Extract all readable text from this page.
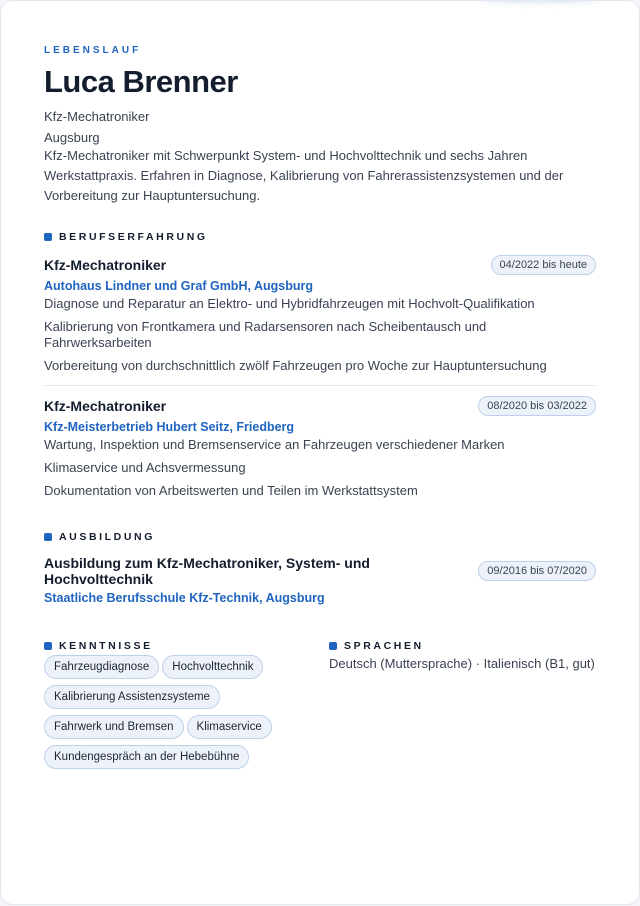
LEBENSLAUF

Luca Brenner
Kfz-Mechatroniker
Augsburg
Kfz-Mechatroniker mit Schwerpunkt System- und Hochvolttechnik und sechs Jahren Werkstattpraxis. Erfahren in Diagnose, Kalibrierung von Fahrerassistenzsystemen und der Vorbereitung zur Hauptuntersuchung.
BERUFSERFAHRUNG
Kfz-Mechatroniker	04/2022 bis heute
Autohaus Lindner und Graf GmbH, Augsburg
Diagnose und Reparatur an Elektro- und Hybridfahrzeugen mit Hochvolt-Qualifikation
Kalibrierung von Frontkamera und Radarsensoren nach Scheibentausch und Fahrwerksarbeiten
Vorbereitung von durchschnittlich zwölf Fahrzeugen pro Woche zur Hauptuntersuchung
Kfz-Mechatroniker	08/2020 bis 03/2022
Kfz-Meisterbetrieb Hubert Seitz, Friedberg
Wartung, Inspektion und Bremsenservice an Fahrzeugen verschiedener Marken
Klimaservice und Achsvermessung
Dokumentation von Arbeitswerten und Teilen im Werkstattsystem
AUSBILDUNG
Ausbildung zum Kfz-Mechatroniker, System- und Hochvolttechnik	09/2016 bis 07/2020
Staatliche Berufsschule Kfz-Technik, Augsburg
KENNTNISSE
Fahrzeugdiagnose Hochvolttechnik
Kalibrierung Assistenzsysteme
Fahrwerk und Bremsen Klimaservice
Kundengespräch an der Hebebühne
SPRACHEN
Deutsch (Muttersprache) · Italienisch (B1, gut)
